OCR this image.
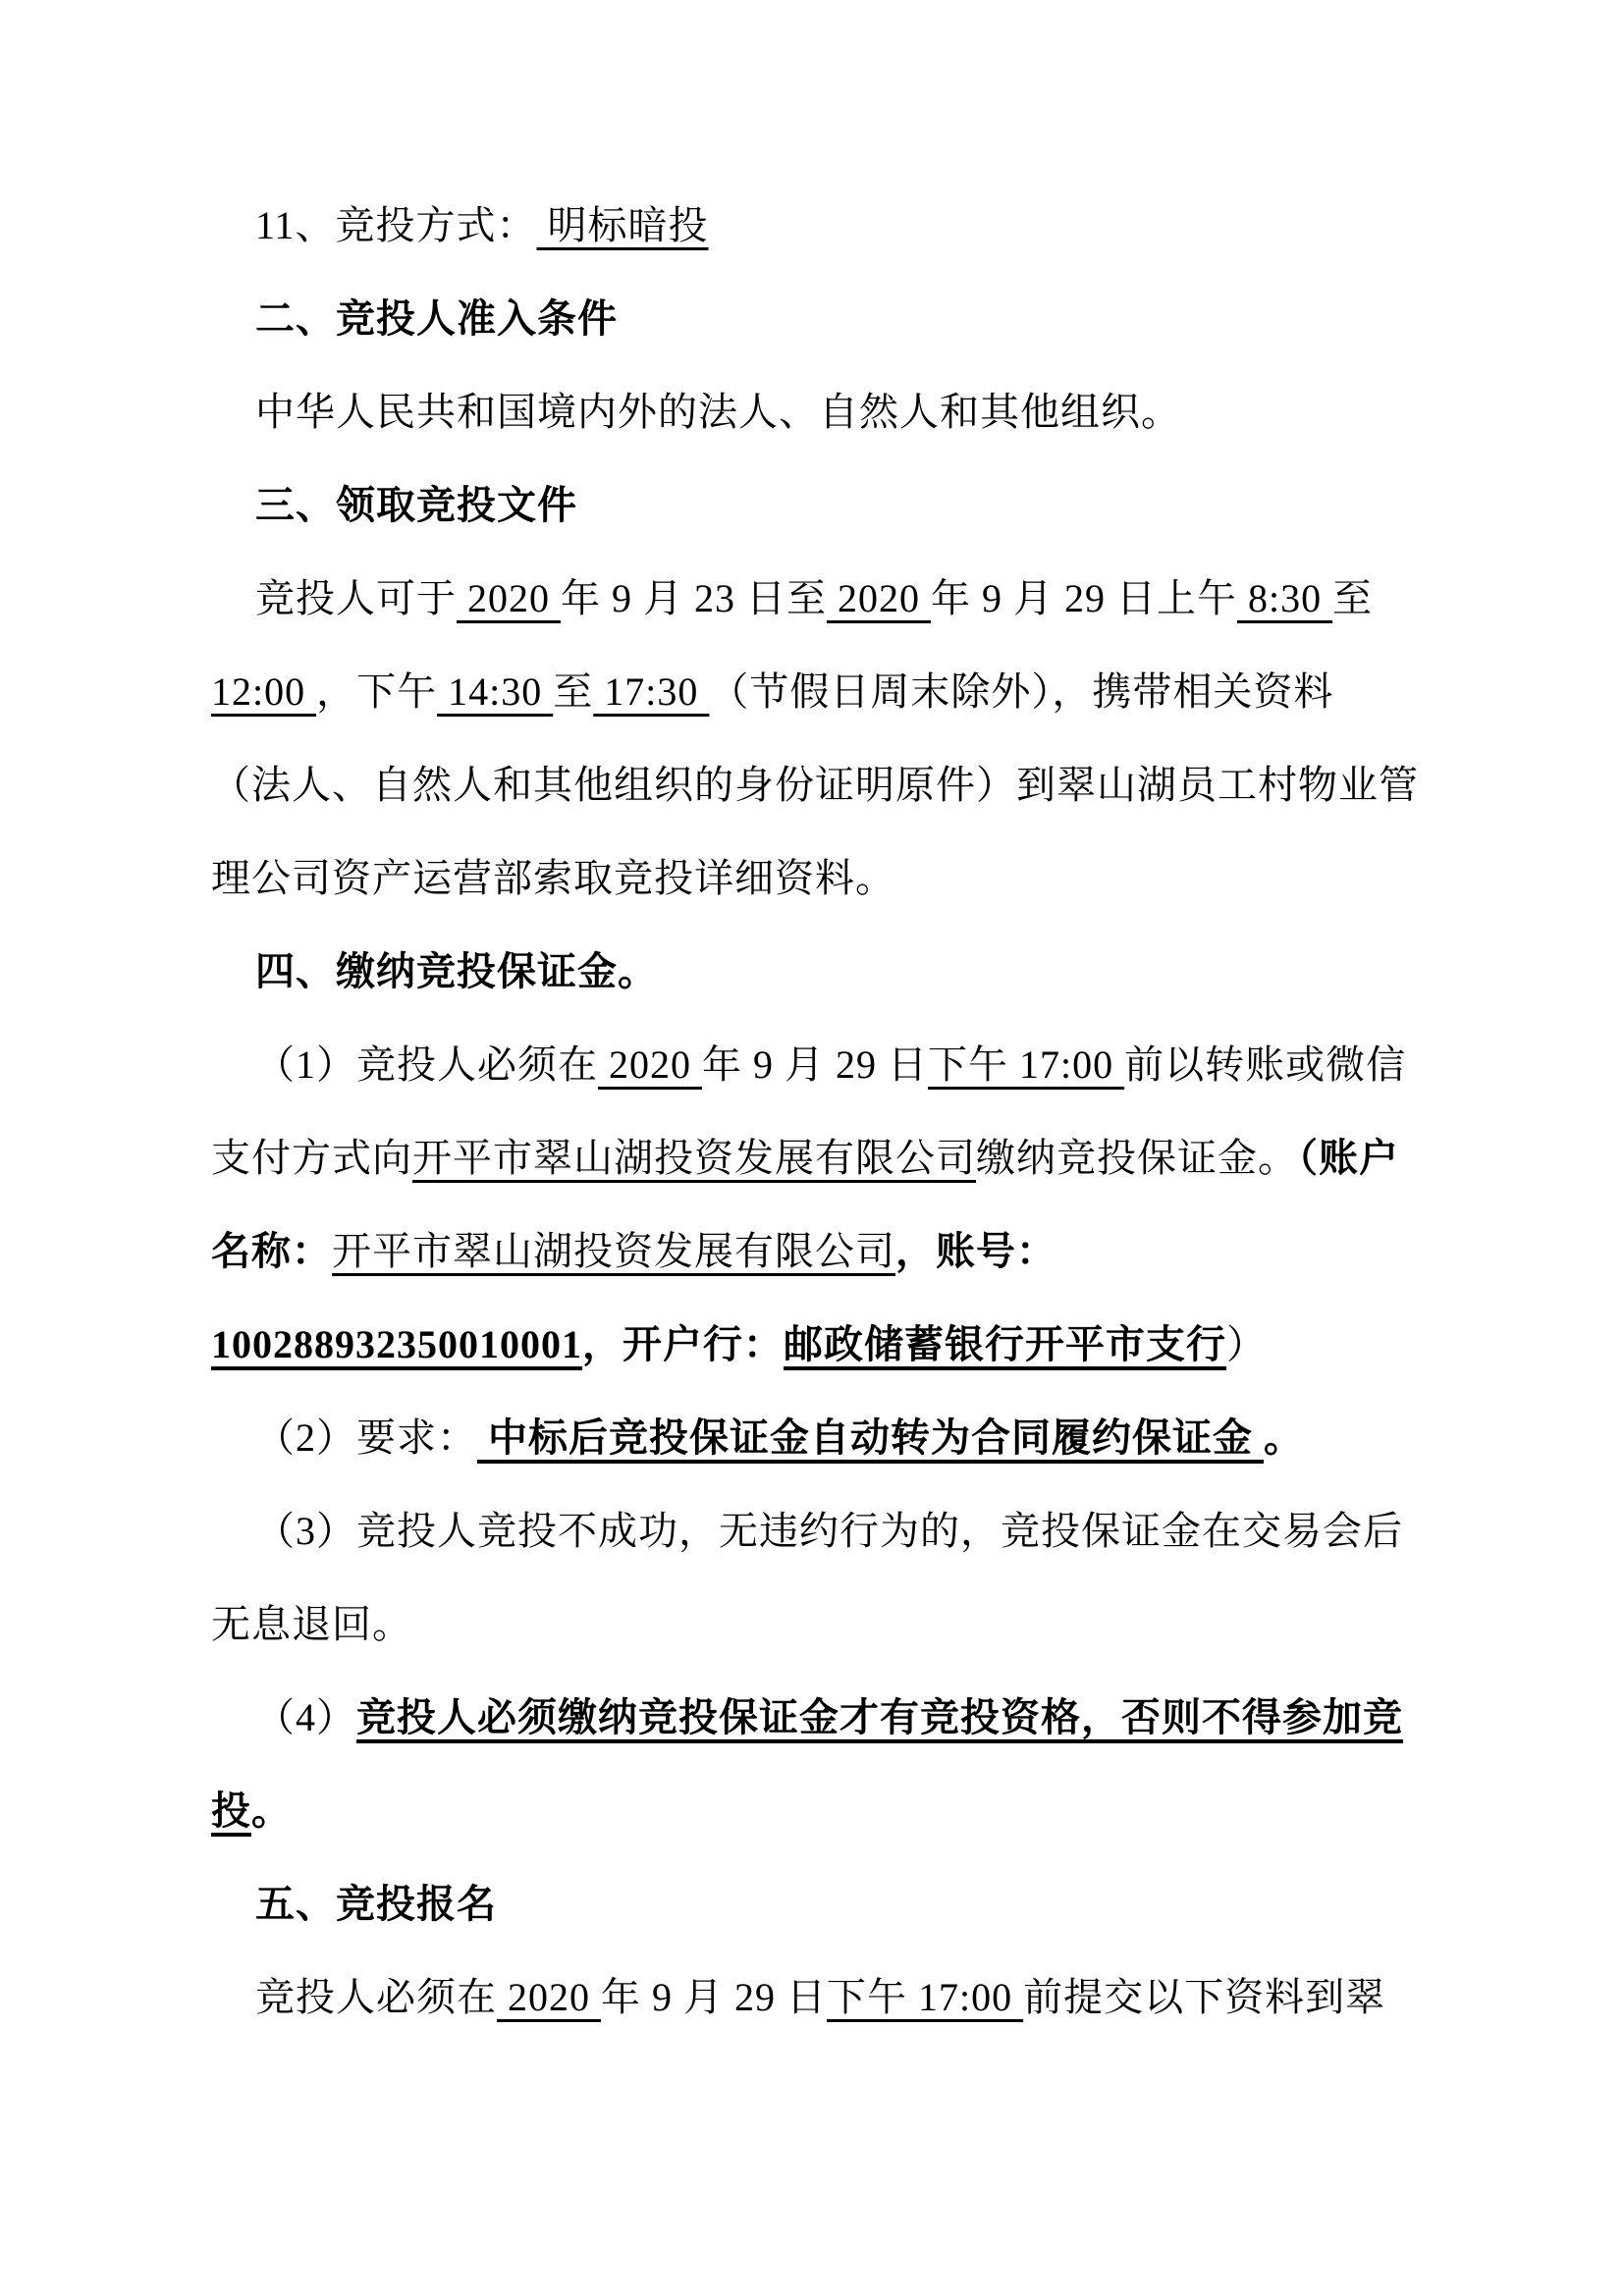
11、竞投方式： 明标暗投
二、竞投人准入条件
中华人民共和国境内外的法人、自然人和其他组织。
三、领取竞投文件
竞投人可于 2020 年 9 月 23 日至 2020 年 9 月 29 日上午 8:30 至
12:00 ，下午 14:30 至 17:30 （节假日周末除外），携带相关资料
（法人、自然人和其他组织的身份证明原件）到翠山湖员工村物业管
理公司资产运营部索取竞投详细资料。
四、缴纳竞投保证金。
（1）竞投人必须在 2020 年 9 月 29 日下午 17:00 前以转账或微信
支付方式向开平市翠山湖投资发展有限公司缴纳竞投保证金。（账户
名称：开平市翠山湖投资发展有限公司，账号：
100288932350010001，开户行：邮政储蓄银行开平市支行）
（2）要求： 中标后竞投保证金自动转为合同履约保证金 。
（3）竞投人竞投不成功，无违约行为的，竞投保证金在交易会后
无息退回。
（4）竞投人必须缴纳竞投保证金才有竞投资格，否则不得参加竞
投。
五、竞投报名
竞投人必须在 2020 年 9 月 29 日下午 17:00 前提交以下资料到翠
